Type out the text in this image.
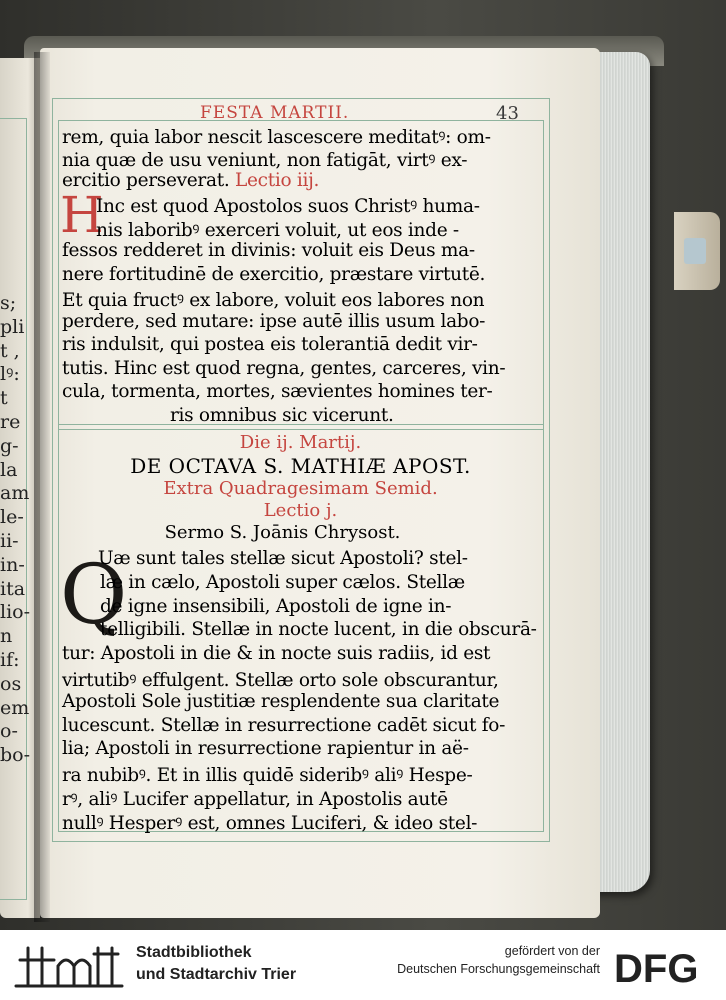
s;
pli
t ,
lꝰ:
t
re
g-
la
am
le-
ii-
in-
ita
lio-
n
if:
os
em
o-
bo-
FESTA MARTII.	43
rem, quia labor nescit lascescere meditatꝰ: om-
nia quæ de usu veniunt, non fatigāt, virtꝰ ex-
ercitio perseverat. Lectio iij.
H
Inc est quod Apostolos suos Christꝰ huma-
nis laboribꝰ exerceri voluit, ut eos inde -
fessos redderet in divinis: voluit eis Deus ma-
nere fortitudinē de exercitio, præstare virtutē.
Et quia fructꝰ ex labore, voluit eos labores non
perdere, sed mutare: ipse autē illis usum labo-
ris indulsit, qui postea eis tolerantiā dedit vir-
tutis. Hinc est quod regna, gentes, carceres, vin-
cula, tormenta, mortes, sævientes homines ter-
ris omnibus sic vicerunt.
Die ij. Martij.
DE OCTAVA S. MATHIÆ APOST.
Extra Quadragesimam Semid.
Lectio j.
Sermo S. Joānis Chrysost.
Q
Uæ sunt tales stellæ sicut Apostoli? stel-
læ in cælo, Apostoli super cælos. Stellæ
de igne insensibili, Apostoli de igne in-
telligibili. Stellæ in nocte lucent, in die obscurā-
tur: Apostoli in die & in nocte suis radiis, id est
virtutibꝰ effulgent. Stellæ orto sole obscurantur,
Apostoli Sole justitiæ resplendente sua claritate
lucescunt. Stellæ in resurrectione cadēt sicut fo-
lia; Apostoli in resurrectione rapientur in aë-
ra nubibꝰ. Et in illis quidē sideribꝰ aliꝰ Hespe-
rꝰ, aliꝰ Lucifer appellatur, in Apostolis autē
nullꝰ Hesperꝰ est, omnes Luciferi, & ideo stel-
Stadtbibliothek
und Stadtarchiv Trier
gefördert von der
Deutschen Forschungsgemeinschaft DFG
